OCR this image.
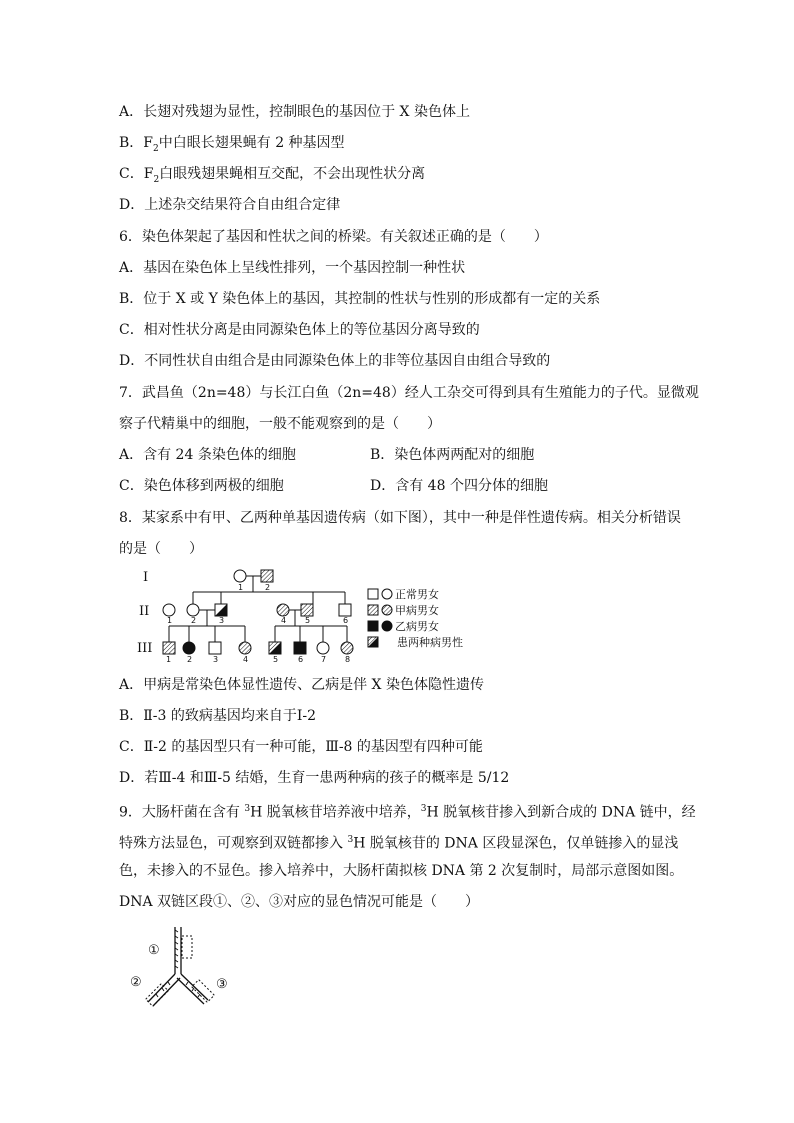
A．长翅对残翅为显性，控制眼色的基因位于 X 染色体上
B．$F_2$中白眼长翅果蝇有 2 种基因型
C．$F_2$白眼残翅果蝇相互交配，不会出现性状分离
D．上述杂交结果符合自由组合定律
6．染色体架起了基因和性状之间的桥梁。有关叙述正确的是（　　）
A．基因在染色体上呈线性排列，一个基因控制一种性状
B．位于 X 或 Y 染色体上的基因，其控制的性状与性别的形成都有一定的关系
C．相对性状分离是由同源染色体上的等位基因分离导致的
D．不同性状自由组合是由同源染色体上的非等位基因自由组合导致的
7．武昌鱼（2n=48）与长江白鱼（2n=48）经人工杂交可得到具有生殖能力的子代。显微观
察子代精巢中的细胞，一般不能观察到的是（　　）
A．含有 24 条染色体的细胞	B．染色体两两配对的细胞
C．染色体移到两极的细胞	D．含有 48 个四分体的细胞
8．某家系中有甲、乙两种单基因遗传病（如下图），其中一种是伴性遗传病。相关分析错误
的是（　　）
I
II
III
1	2
1 2	3	4 5	6
1 2	3	4	5 6 7 8
正常男女
甲病男女
乙病男女
患两种病男性
A．甲病是常染色体显性遗传、乙病是伴 X 染色体隐性遗传
B．Ⅱ-3 的致病基因均来自于Ⅰ-2
C．Ⅱ-2 的基因型只有一种可能，Ⅲ-8 的基因型有四种可能
D．若Ⅲ-4 和Ⅲ-5 结婚，生育一患两种病的孩子的概率是 5/12
9．大肠杆菌在含有 $^3$H 脱氧核苷培养液中培养，$^3$H 脱氧核苷掺入到新合成的 DNA 链中，经
特殊方法显色，可观察到双链都掺入 $^3$H 脱氧核苷的 DNA 区段显深色，仅单链掺入的显浅
色，未掺入的不显色。掺入培养中，大肠杆菌拟核 DNA 第 2 次复制时，局部示意图如图。
DNA 双链区段①、②、③对应的显色情况可能是（　　）
①
②	③
